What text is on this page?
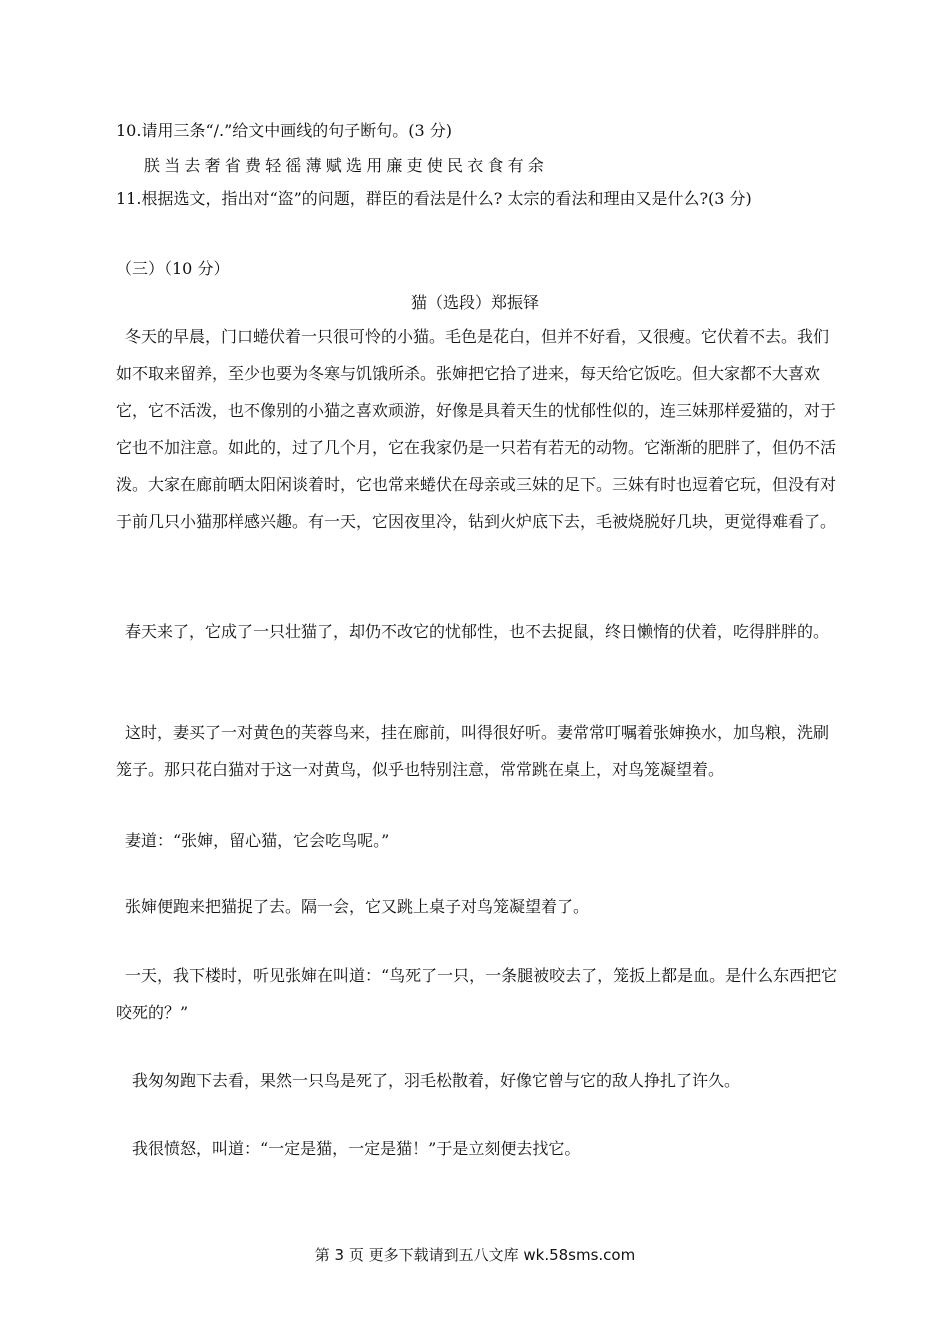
10.请用三条“/.”给文中画线的句子断句。(3 分)
朕当去奢省费轻徭薄赋选用廉吏使民衣食有余
11.根据选文，指出对“盗”的问题，群臣的看法是什么? 太宗的看法和理由又是什么?(3 分)
（三）（10 分）
猫（选段）郑振铎

冬天的早晨，门口蜷伏着一只很可怜的小猫。毛色是花白，但并不好看，又很瘦。它伏着不去。我们如不取来留养，至少也要为冬寒与饥饿所杀。张婶把它拾了进来，每天给它饭吃。但大家都不大喜欢它，它不活泼，也不像别的小猫之喜欢顽游，好像是具着天生的忧郁性似的，连三妹那样爱猫的，对于它也不加注意。如此的，过了几个月，它在我家仍是一只若有若无的动物。它渐渐的肥胖了，但仍不活泼。大家在廊前晒太阳闲谈着时，它也常来蜷伏在母亲或三妹的足下。三妹有时也逗着它玩，但没有对于前几只小猫那样感兴趣。有一天，它因夜里冷，钻到火炉底下去，毛被烧脱好几块，更觉得难看了。

春天来了，它成了一只壮猫了，却仍不改它的忧郁性，也不去捉鼠，终日懒惰的伏着，吃得胖胖的。

这时，妻买了一对黄色的芙蓉鸟来，挂在廊前，叫得很好听。妻常常叮嘱着张婶换水，加鸟粮，洗刷笼子。那只花白猫对于这一对黄鸟，似乎也特别注意，常常跳在桌上，对鸟笼凝望着。

妻道：“张婶，留心猫，它会吃鸟呢。”

张婶便跑来把猫捉了去。隔一会，它又跳上桌子对鸟笼凝望着了。

一天，我下楼时，听见张婶在叫道：“鸟死了一只，一条腿被咬去了，笼扳上都是血。是什么东西把它咬死的？”

我匆匆跑下去看，果然一只鸟是死了，羽毛松散着，好像它曾与它的敌人挣扎了许久。

我很愤怒，叫道：“一定是猫，一定是猫！”于是立刻便去找它。

第 3 页 更多下载请到五八文库 wk.58sms.com
